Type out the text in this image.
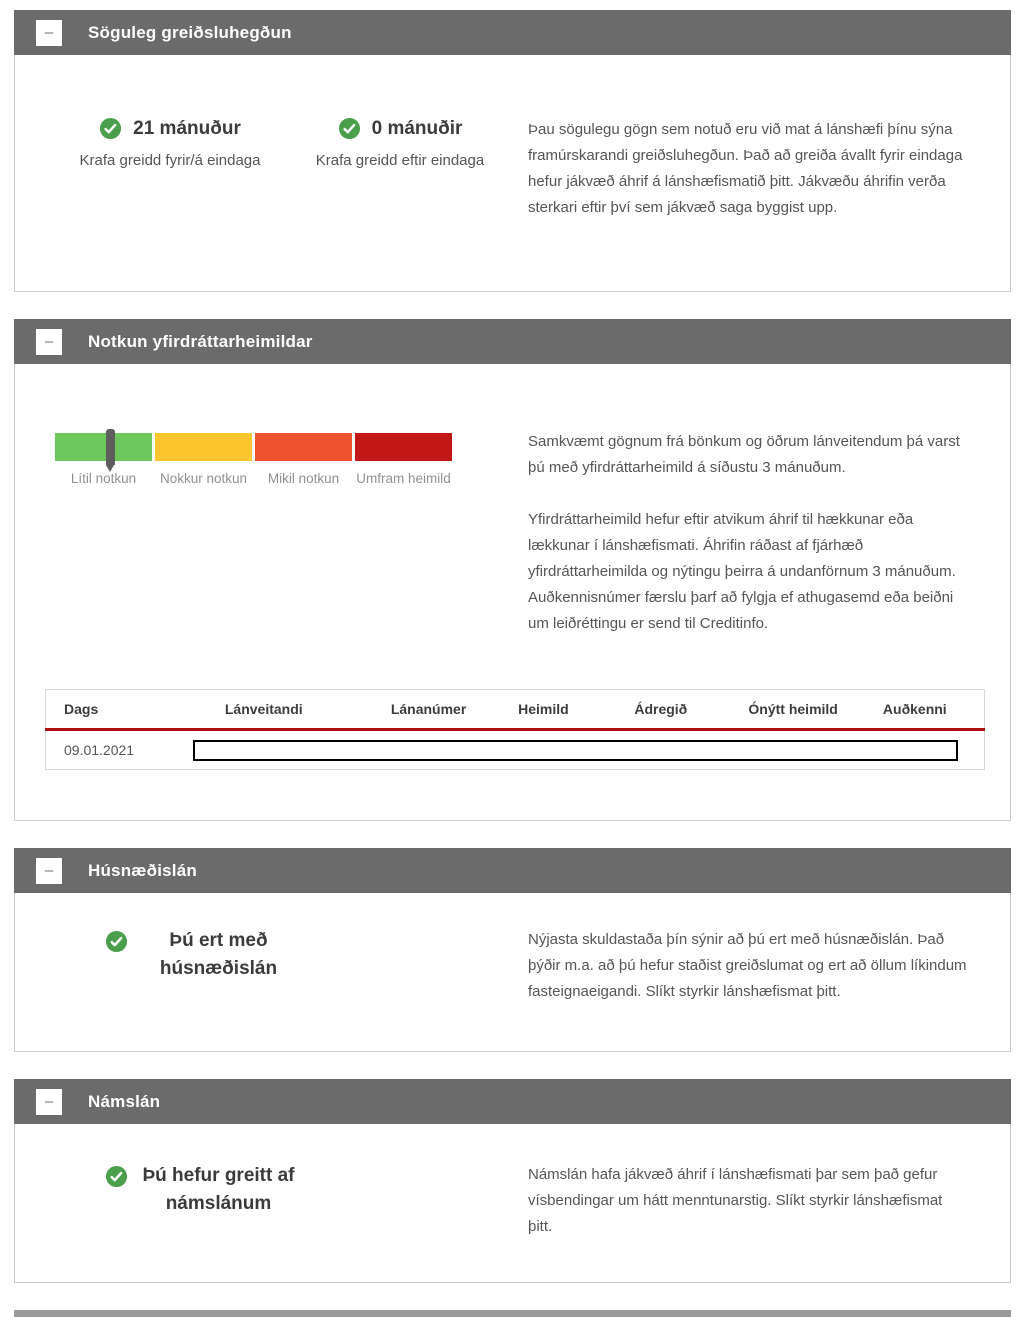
– Söguleg greiðsluhegðun
21 mánuður
Krafa greidd fyrir/á eindaga
0 mánuðir
Krafa greidd eftir eindaga

Þau sögulegu gögn sem notuð eru við mat á lánshæfi þínu sýna framúrskarandi greiðsluhegðun. Það að greiða ávallt fyrir eindaga hefur jákvæð áhrif á lánshæfismatið þitt. Jákvæðu áhrifin verða sterkari eftir því sem jákvæð saga byggist upp.

– Notkun yfirdráttarheimildar
Lítil notkun	Nokkur notkun	Mikil notkun	Umfram heimild

Samkvæmt gögnum frá bönkum og öðrum lánveitendum þá varst þú með yfirdráttarheimild á síðustu 3 mánuðum.

Yfirdráttarheimild hefur eftir atvikum áhrif til hækkunar eða lækkunar í lánshæfismati. Áhrifin ráðast af fjárhæð yfirdráttarheimilda og nýtingu þeirra á undanförnum 3 mánuðum. Auðkennisnúmer færslu þarf að fylgja ef athugasemd eða beiðni um leiðréttingu er send til Creditinfo.

Dags	Lánveitandi	Lánanúmer	Heimild	Ádregið	Ónýtt heimild	Auðkenni
09.01.2021						
– Húsnæðislán
Þú ert með húsnæðislán

Nýjasta skuldastaða þín sýnir að þú ert með húsnæðislán. Það þýðir m.a. að þú hefur staðist greiðslumat og ert að öllum líkindum fasteignaeigandi. Slíkt styrkir lánshæfismat þitt.

– Námslán
Þú hefur greitt af námslánum

Námslán hafa jákvæð áhrif í lánshæfismati þar sem það gefur vísbendingar um hátt menntunarstig. Slíkt styrkir lánshæfismat þitt.
